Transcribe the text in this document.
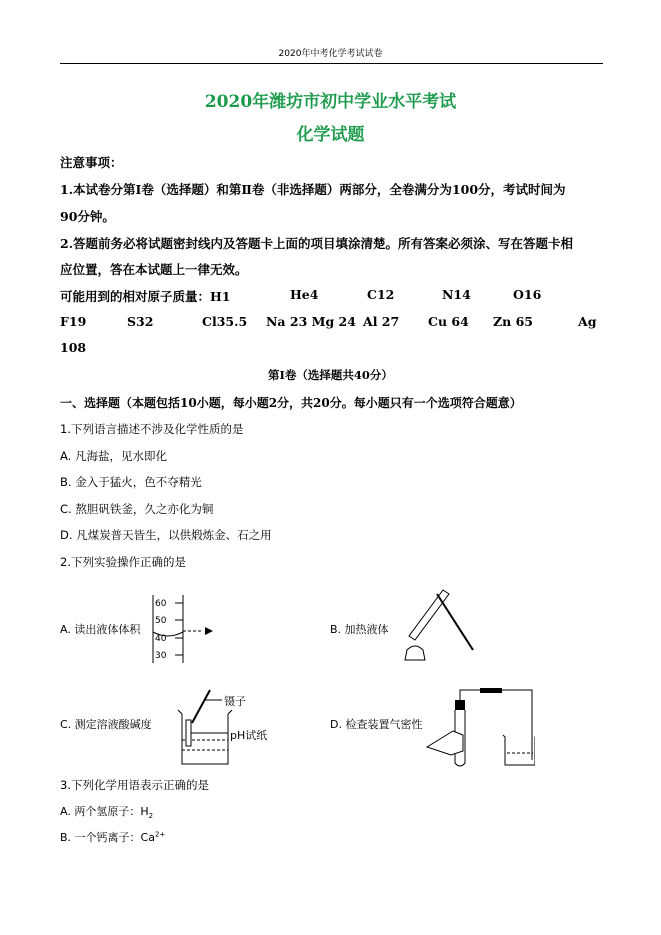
2020年中考化学考试试卷
2020年潍坊市初中学业水平考试
化学试题
注意事项：
1.本试卷分第Ⅰ卷（选择题）和第Ⅱ卷（非选择题）两部分，全卷满分为100分，考试时间为
90分钟。
2.答题前务必将试题密封线内及答题卡上面的项目填涂清楚。所有答案必须涂、写在答题卡相
应位置，答在本试题上一律无效。
可能用到的相对原子质量：H1	He4	C12	N14	O16
F19	S32	Cl35.5 Na 23 Mg 24 Al 27 Cu 64 Zn 65	Ag
108
第Ⅰ卷（选择题共40分）
一、选择题（本题包括10小题，每小题2分，共20分。每小题只有一个选项符合题意）
1.下列语言描述不涉及化学性质的是
A. 凡海盐，见水即化
B. 金入于猛火，色不夺精光
C. 熬胆矾铁釜，久之亦化为铜
D. 凡煤炭普天皆生，以供煅炼金、石之用
2.下列实验操作正确的是
A. 读出液体体积
60
50
40
30
B. 加热液体
C. 测定溶液酸碱度
镊子
pH试纸
D. 检查装置气密性
3.下列化学用语表示正确的是
A. 两个氢原子：$H_2$
B. 一个钙离子：$Ca^{2+}$
